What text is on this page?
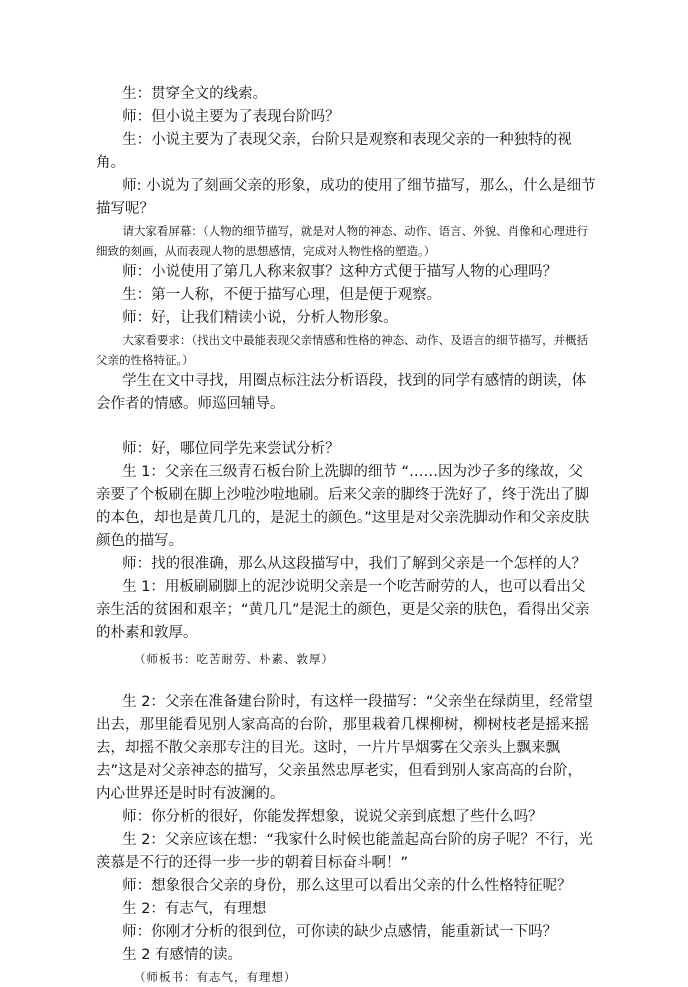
生：贯穿全文的线索。

师：但小说主要为了表现台阶吗？

生：小说主要为了表现父亲，台阶只是观察和表现父亲的一种独特的视角。

师: 小说为了刻画父亲的形象，成功的使用了细节描写，那么，什么是细节描写呢？

请大家看屏幕：（人物的细节描写，就是对人物的神态、动作、语言、外貌、肖像和心理进行细致的刻画，从而表现人物的思想感情，完成对人物性格的塑造。）

师：小说使用了第几人称来叙事？这种方式便于描写人物的心理吗？

生：第一人称，不便于描写心理，但是便于观察。

师：好，让我们精读小说，分析人物形象。

大家看要求：（找出文中最能表现父亲情感和性格的神态、动作、及语言的细节描写，并概括父亲的性格特征。）

学生在文中寻找，用圈点标注法分析语段，找到的同学有感情的朗读，体会作者的情感。师巡回辅导。

师：好，哪位同学先来尝试分析？

生 1：父亲在三级青石板台阶上洗脚的细节 “……因为沙子多的缘故，父亲要了个板刷在脚上沙啦沙啦地刷。后来父亲的脚终于洗好了，终于洗出了脚的本色，却也是黄几几的，是泥土的颜色。”这里是对父亲洗脚动作和父亲皮肤颜色的描写。

师：找的很准确，那么从这段描写中，我们了解到父亲是一个怎样的人？

生 1：用板刷刷脚上的泥沙说明父亲是一个吃苦耐劳的人，也可以看出父亲生活的贫困和艰辛；“黄几几”是泥土的颜色，更是父亲的肤色，看得出父亲的朴素和敦厚。

（师板书：吃苦耐劳、朴素、敦厚）

生 2：父亲在准备建台阶时，有这样一段描写：“父亲坐在绿荫里，经常望出去，那里能看见别人家高高的台阶，那里栽着几棵柳树，柳树枝老是摇来摇去，却摇不散父亲那专注的目光。这时，一片片旱烟雾在父亲头上飘来飘去”这是对父亲神态的描写，父亲虽然忠厚老实，但看到别人家高高的台阶，内心世界还是时时有波澜的。

师：你分析的很好，你能发挥想象，说说父亲到底想了些什么吗？

生 2：父亲应该在想：“我家什么时候也能盖起高台阶的房子呢？不行，光羡慕是不行的还得一步一步的朝着目标奋斗啊！”

师：想象很合父亲的身份，那么这里可以看出父亲的什么性格特征呢？

生 2：有志气，有理想

师：你刚才分析的很到位，可你读的缺少点感情，能重新试一下吗？

生 2 有感情的读。

（师板书：有志气，有理想）
